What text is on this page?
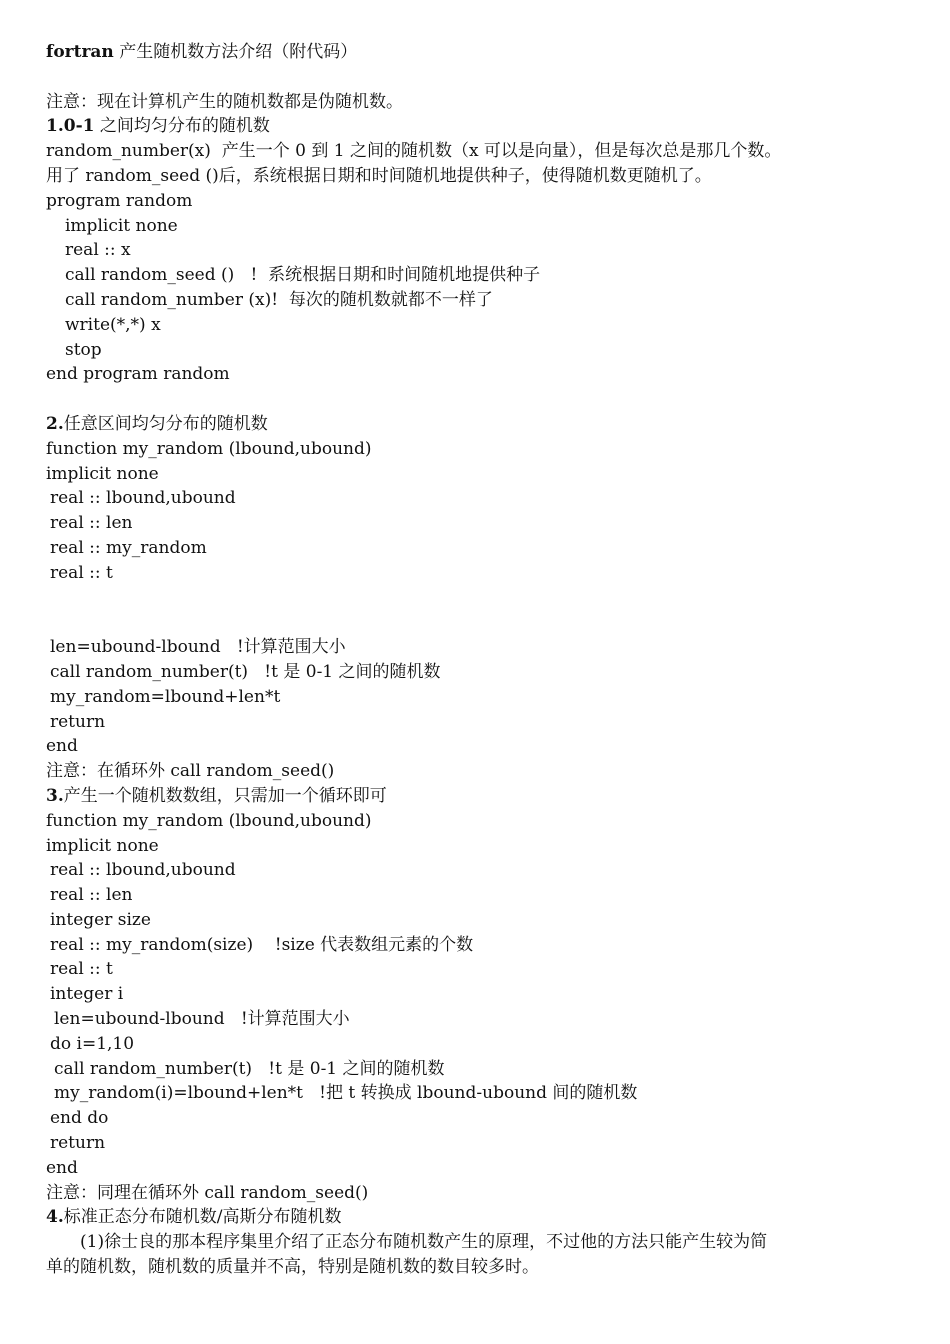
fortran 产生随机数方法介绍（附代码）
注意：现在计算机产生的随机数都是伪随机数。
1.0-1 之间均匀分布的随机数
random_number(x)  产生一个 0 到 1 之间的随机数（x 可以是向量），但是每次总是那几个数。
用了 random_seed ()后，系统根据日期和时间随机地提供种子，使得随机数更随机了。
program random
implicit none
real :: x
call random_seed ()   !  系统根据日期和时间随机地提供种子
call random_number (x)!  每次的随机数就都不一样了
write(*,*) x
stop
end program random
2.任意区间均匀分布的随机数
function my_random (lbound,ubound)
implicit none
real :: lbound,ubound
real :: len
real :: my_random
real :: t
len=ubound-lbound   !计算范围大小
call random_number(t)   !t 是 0-1 之间的随机数
my_random=lbound+len*t
return
end
注意：在循环外 call random_seed()
3.产生一个随机数数组，只需加一个循环即可
function my_random (lbound,ubound)
implicit none
real :: lbound,ubound
real :: len
integer size
real :: my_random(size)    !size 代表数组元素的个数
real :: t
integer i
len=ubound-lbound   !计算范围大小
do i=1,10
call random_number(t)   !t 是 0-1 之间的随机数
my_random(i)=lbound+len*t   !把 t 转换成 lbound-ubound 间的随机数
end do
return
end
注意：同理在循环外 call random_seed()
4.标准正态分布随机数/高斯分布随机数
(1)徐士良的那本程序集里介绍了正态分布随机数产生的原理，不过他的方法只能产生较为简
单的随机数，随机数的质量并不高，特别是随机数的数目较多时。
